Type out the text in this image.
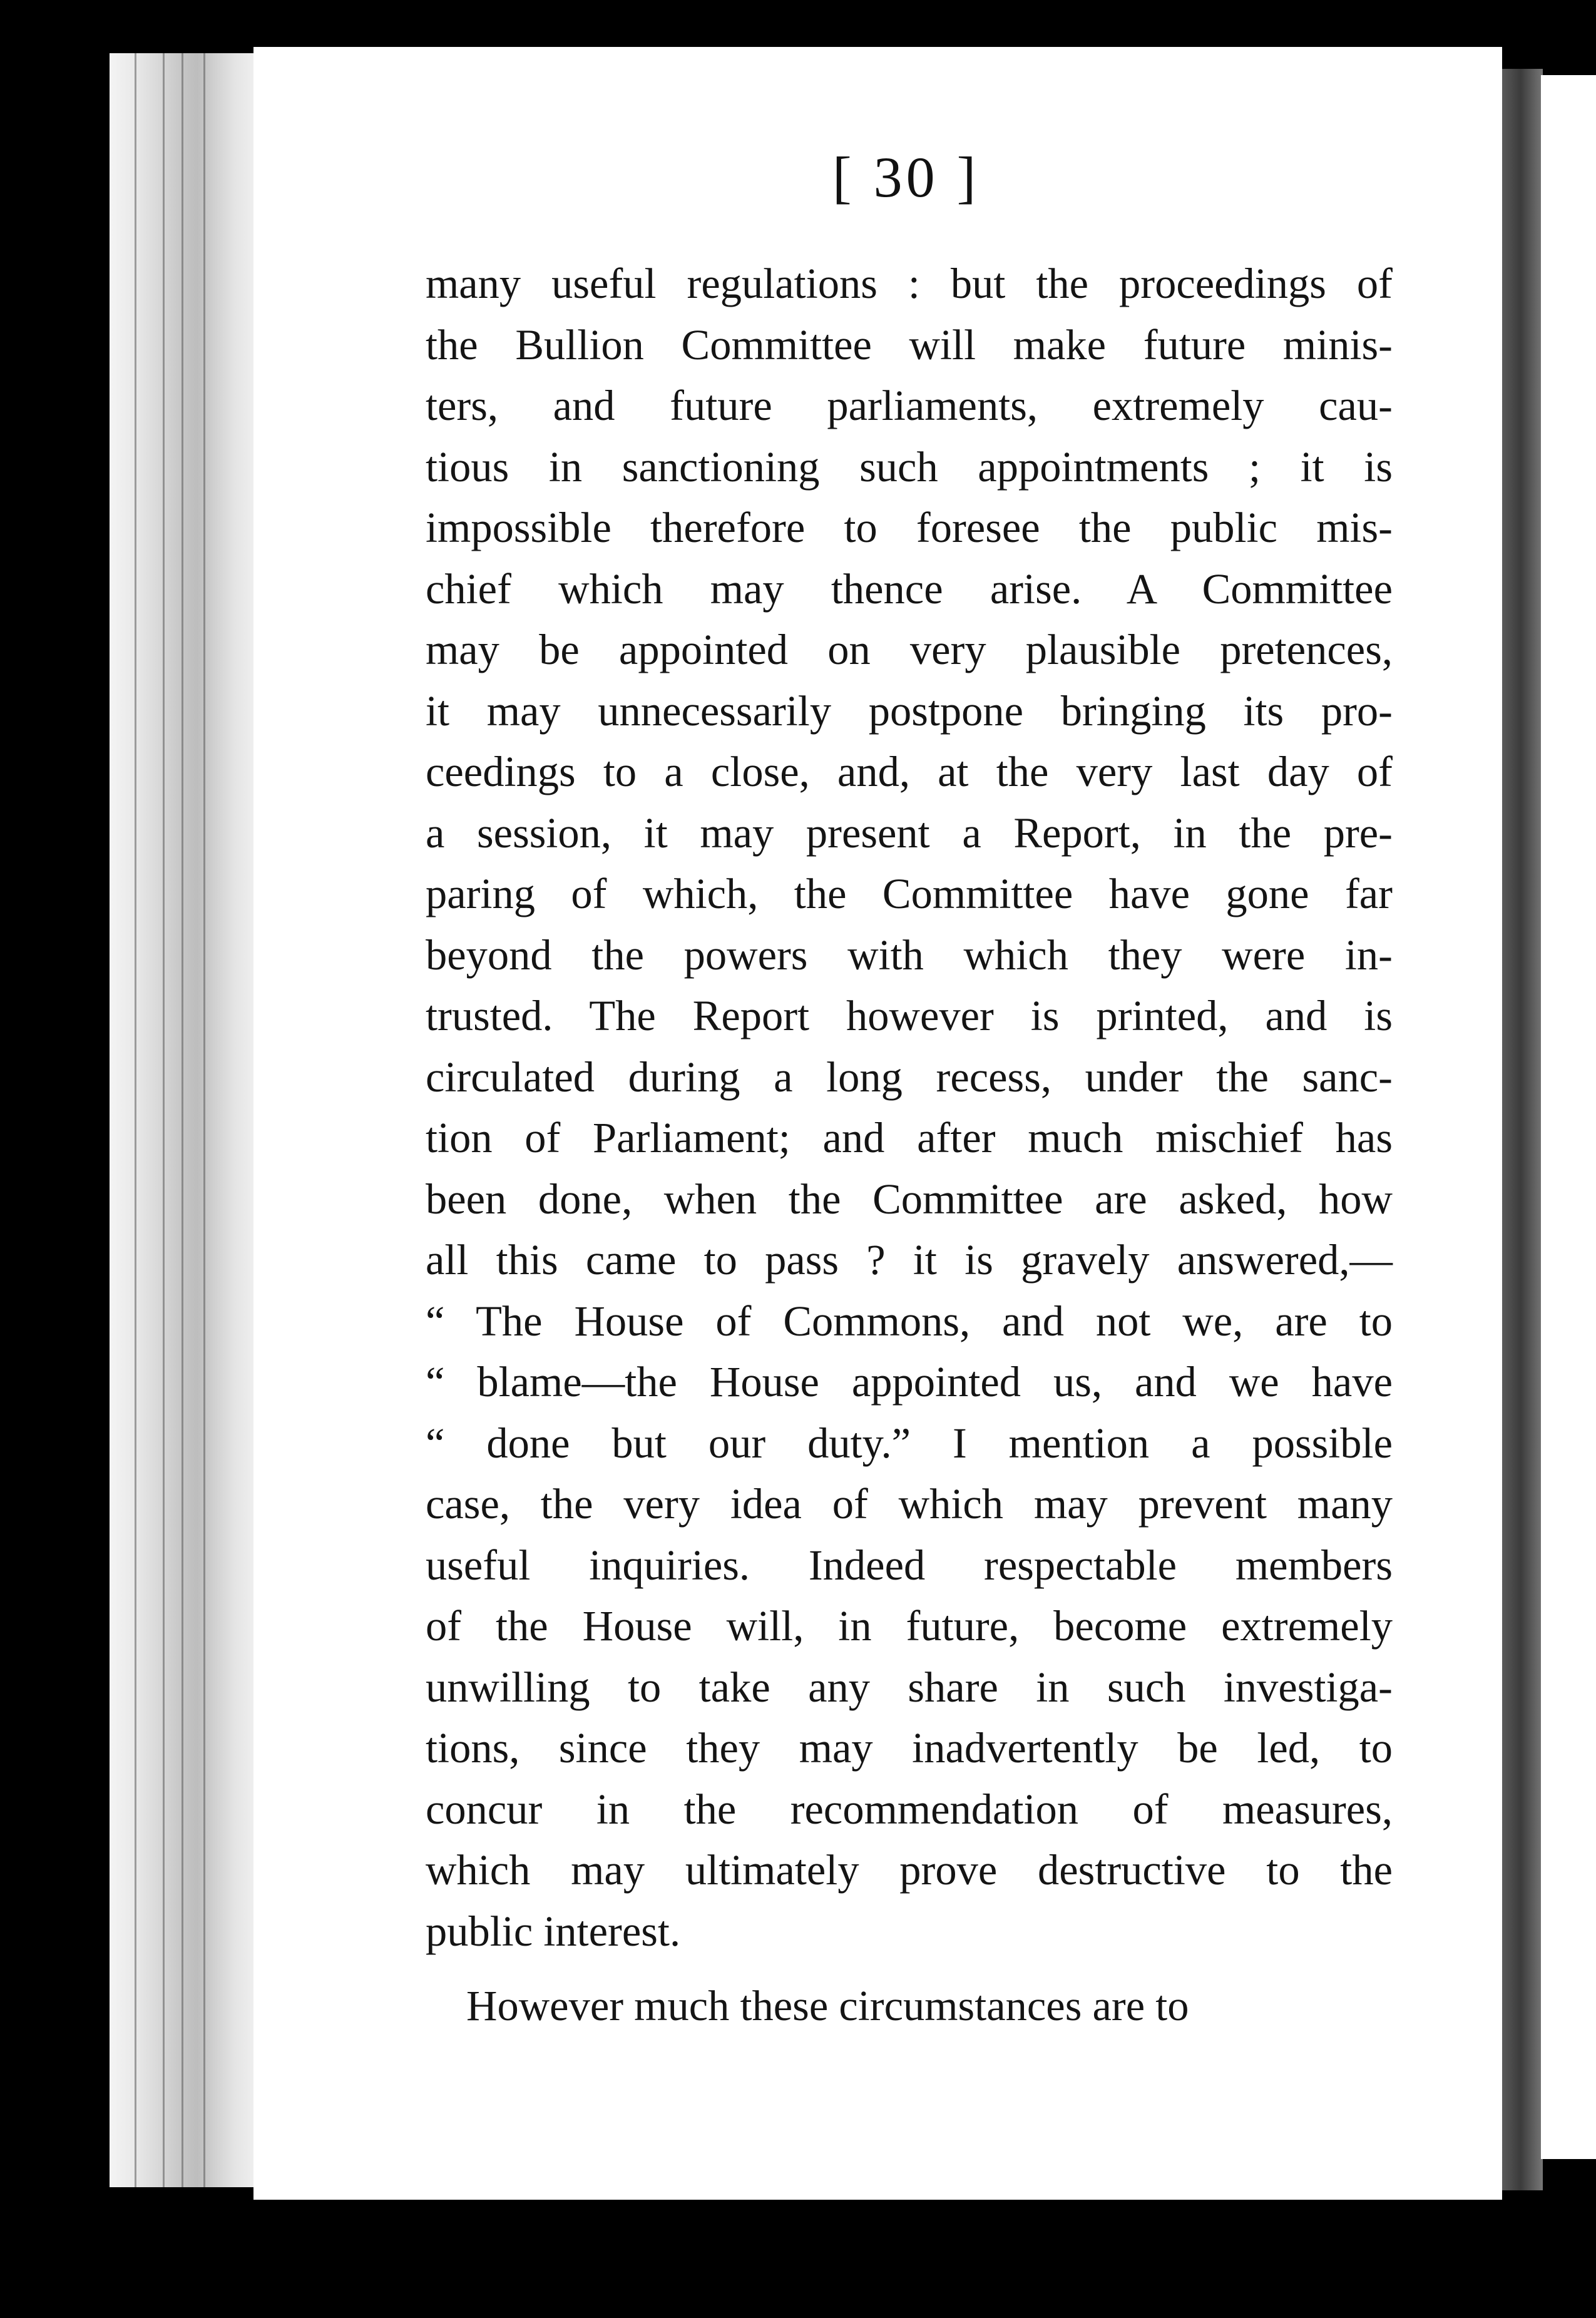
[ 30 ]
many useful regulations : but the proceedings of
the Bullion Committee will make future minis-
ters, and future parliaments, extremely cau-
tious in sanctioning such appointments ; it is
impossible therefore to foresee the public mis-
chief which may thence arise. A Committee
may be appointed on very plausible pretences,
it may unnecessarily postpone bringing its pro-
ceedings to a close, and, at the very last day of
a session, it may present a Report, in the pre-
paring of which, the Committee have gone far
beyond the powers with which they were in-
trusted. The Report however is printed, and is
circulated during a long recess, under the sanc-
tion of Parliament; and after much mischief has
been done, when the Committee are asked, how
all this came to pass ? it is gravely answered,—
“ The House of Commons, and not we, are to
“ blame—the House appointed us, and we have
“ done but our duty.” I mention a possible
case, the very idea of which may prevent many
useful inquiries. Indeed respectable members
of the House will, in future, become extremely
unwilling to take any share in such investiga-
tions, since they may inadvertently be led, to
concur in the recommendation of measures,
which may ultimately prove destructive to the
public interest.
However much these circumstances are to
